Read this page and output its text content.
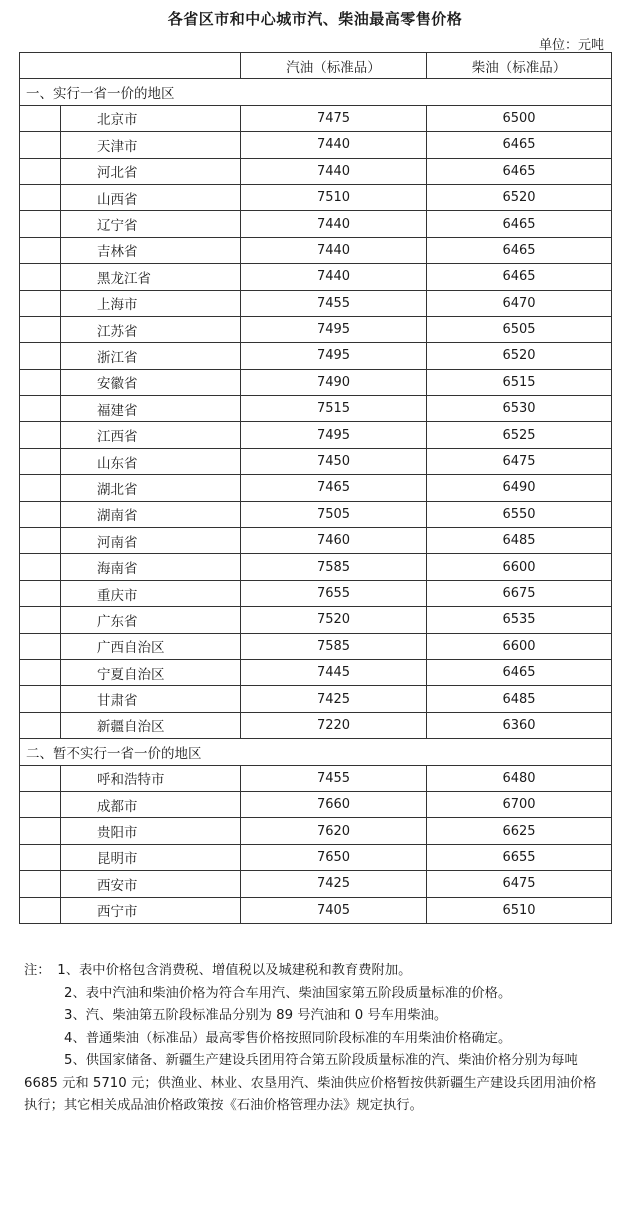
各省区市和中心城市汽、柴油最高零售价格
单位：元吨
		汽油（标准品）	柴油（标准品）
一、实行一省一价的地区			
	北京市	7475	6500
	天津市	7440	6465
	河北省	7440	6465
	山西省	7510	6520
	辽宁省	7440	6465
	吉林省	7440	6465
	黑龙江省	7440	6465
	上海市	7455	6470
	江苏省	7495	6505
	浙江省	7495	6520
	安徽省	7490	6515
	福建省	7515	6530
	江西省	7495	6525
	山东省	7450	6475
	湖北省	7465	6490
	湖南省	7505	6550
	河南省	7460	6485
	海南省	7585	6600
	重庆市	7655	6675
	广东省	7520	6535
	广西自治区	7585	6600
	宁夏自治区	7445	6465
	甘肃省	7425	6485
	新疆自治区	7220	6360
二、暂不实行一省一价的地区			
	呼和浩特市	7455	6480
	成都市	7660	6700
	贵阳市	7620	6625
	昆明市	7650	6655
	西安市	7425	6475
	西宁市	7405	6510

注：　1、表中价格包含消费税、增值税以及城建税和教育费附加。

2、表中汽油和柴油价格为符合车用汽、柴油国家第五阶段质量标准的价格。

3、汽、柴油第五阶段标准品分别为 89 号汽油和 0 号车用柴油。

4、普通柴油（标准品）最高零售价格按照同阶段标准的车用柴油价格确定。

5、供国家储备、新疆生产建设兵团用符合第五阶段质量标准的汽、柴油价格分别为每吨 6685 元和 5710 元；供渔业、林业、农垦用汽、柴油供应价格暂按供新疆生产建设兵团用油价格执行；其它相关成品油价格政策按《石油价格管理办法》规定执行。
